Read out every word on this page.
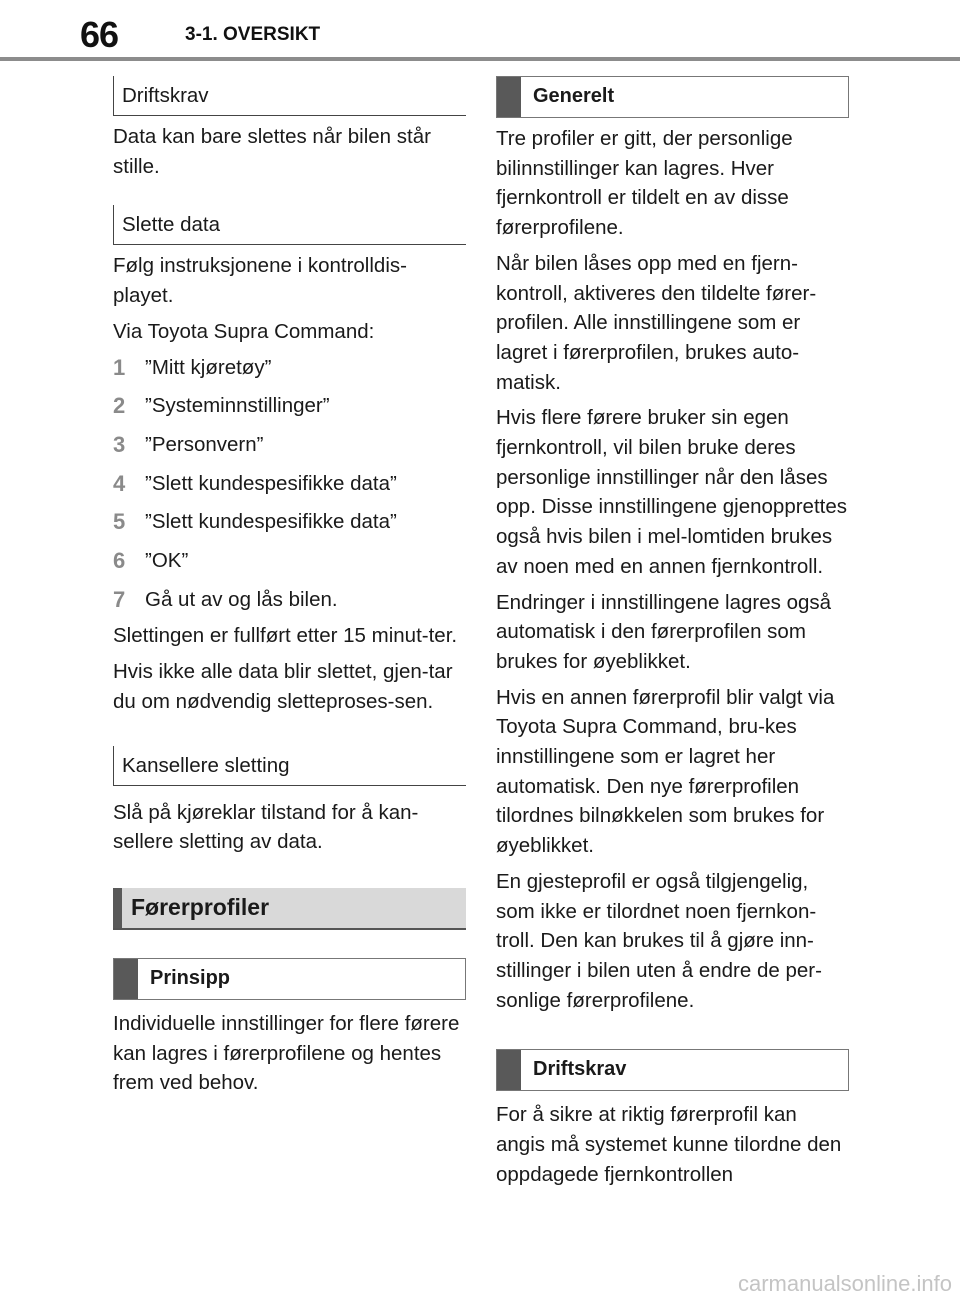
66	3-1. OVERSIKT
Driftskrav

Data kan bare slettes når bilen står stille.

Slette data

Følg instruksjonene i kontrolldis-playet.

Via Toyota Supra Command:

1 ”Mitt kjøretøy”
2 ”Systeminnstillinger”
3 ”Personvern”
4 ”Slett kundespesifikke data”
5 ”Slett kundespesifikke data”
6 ”OK”
7 Gå ut av og lås bilen.

Slettingen er fullført etter 15 minut-ter.

Hvis ikke alle data blir slettet, gjen-tar du om nødvendig sletteproses-sen.

Kansellere sletting

Slå på kjøreklar tilstand for å kan-sellere sletting av data.

Førerprofiler
Prinsipp

Individuelle innstillinger for flere førere kan lagres i førerprofilene og hentes frem ved behov.

Generelt

Tre profiler er gitt, der personlige bilinnstillinger kan lagres. Hver fjernkontroll er tildelt en av disse førerprofilene.

Når bilen låses opp med en fjern-kontroll, aktiveres den tildelte fører-profilen. Alle innstillingene som er lagret i førerprofilen, brukes auto-matisk.

Hvis flere førere bruker sin egen fjernkontroll, vil bilen bruke deres personlige innstillinger når den låses opp. Disse innstillingene gjenopprettes også hvis bilen i mel-lomtiden brukes av noen med en annen fjernkontroll.

Endringer i innstillingene lagres også automatisk i den førerprofilen som brukes for øyeblikket.

Hvis en annen førerprofil blir valgt via Toyota Supra Command, bru-kes innstillingene som er lagret her automatisk. Den nye førerprofilen tilordnes bilnøkkelen som brukes for øyeblikket.

En gjesteprofil er også tilgjengelig, som ikke er tilordnet noen fjernkon-troll. Den kan brukes til å gjøre inn-stillinger i bilen uten å endre de per-sonlige førerprofilene.

Driftskrav

For å sikre at riktig førerprofil kan angis må systemet kunne tilordne den oppdagede fjernkontrollen

carmanualsonline.info
